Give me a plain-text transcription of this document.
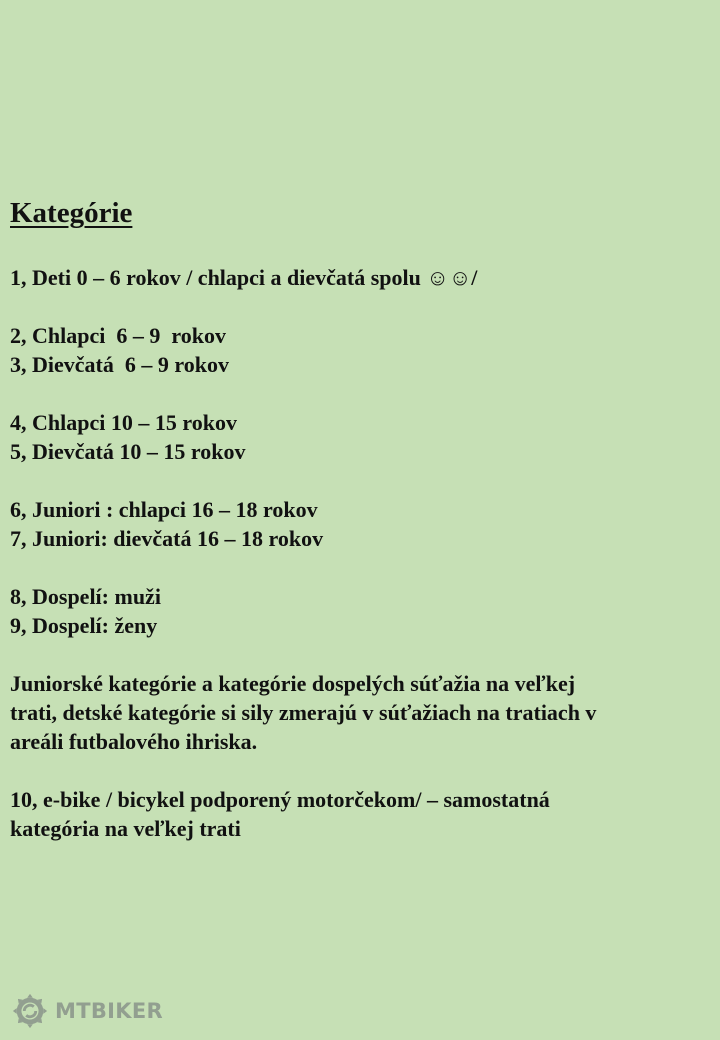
Kategórie
1, Deti 0 – 6 rokov / chlapci a dievčatá spolu ☺☺/
2, Chlapci  6 – 9  rokov
3, Dievčatá  6 – 9 rokov
4, Chlapci 10 – 15 rokov
5, Dievčatá 10 – 15 rokov
6, Juniori : chlapci 16 – 18 rokov
7, Juniori: dievčatá 16 – 18 rokov
8, Dospelí: muži
9, Dospelí: ženy

Juniorské kategórie a kategórie dospelých súťažia na veľkej
trati, detské kategórie si sily zmerajú v súťažiach na tratiach v
areáli futbalového ihriska.

10, e-bike / bicykel podporený motorčekom/ – samostatná
kategória na veľkej trati

MTBIKER
